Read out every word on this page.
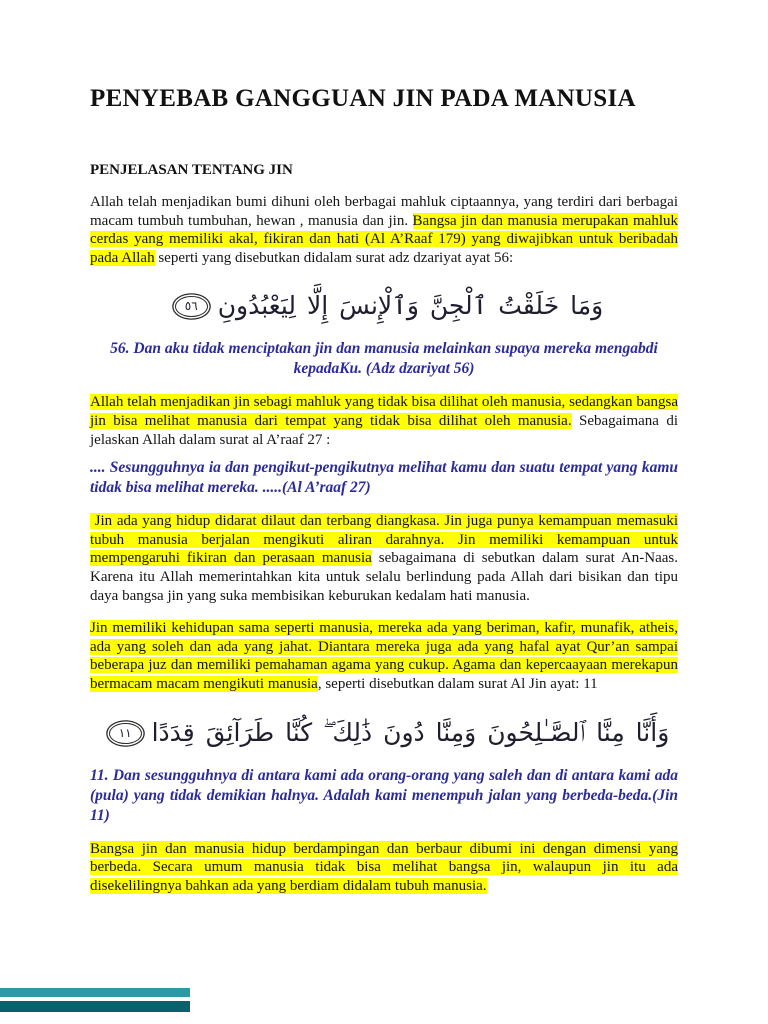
PENYEBAB GANGGUAN JIN PADA MANUSIA
PENJELASAN TENTANG JIN

Allah telah menjadikan bumi dihuni oleh berbagai mahluk ciptaannya, yang terdiri dari berbagai macam tumbuh tumbuhan, hewan , manusia dan jin. Bangsa jin dan manusia merupakan mahluk cerdas yang memiliki akal, fikiran dan hati (Al A’Raaf 179) yang diwajibkan untuk beribadah pada Allah seperti yang disebutkan didalam surat adz dzariyat ayat 56:

وَمَا خَلَقْتُ ٱلْجِنَّ وَٱلْإِنسَ إِلَّا لِيَعْبُدُونِ٥٦

56. Dan aku tidak menciptakan jin dan manusia melainkan supaya mereka mengabdi kepadaKu. (Adz dzariyat 56)

Allah telah menjadikan jin sebagi mahluk yang tidak bisa dilihat oleh manusia, sedangkan bangsa jin bisa melihat manusia dari tempat yang tidak bisa dilihat oleh manusia. Sebagaimana di jelaskan Allah dalam surat al A’raaf 27 :

.... Sesungguhnya ia dan pengikut-pengikutnya melihat kamu dan suatu tempat yang kamu tidak bisa melihat mereka. .....(Al A’raaf 27)

Jin ada yang hidup didarat dilaut dan terbang diangkasa. Jin juga punya kemampuan memasuki tubuh manusia berjalan mengikuti aliran darahnya. Jin memiliki kemampuan untuk mempengaruhi fikiran dan perasaan manusia sebagaimana di sebutkan dalam surat An-Naas. Karena itu Allah memerintahkan kita untuk selalu berlindung pada Allah dari bisikan dan tipu daya bangsa jin yang suka membisikan keburukan kedalam hati manusia.

Jin memiliki kehidupan sama seperti manusia, mereka ada yang beriman, kafir, munafik, atheis, ada yang soleh dan ada yang jahat. Diantara mereka juga ada yang hafal ayat Qur’an sampai beberapa juz dan memiliki pemahaman agama yang cukup. Agama dan kepercaayaan merekapun bermacam macam mengikuti manusia, seperti disebutkan dalam surat Al Jin ayat: 11

وَأَنَّا مِنَّا ٱلصَّـٰلِحُونَ وَمِنَّا دُونَ ذَٰلِكَ ۖ كُنَّا طَرَآئِقَ قِدَدًا١١

11. Dan sesungguhnya di antara kami ada orang-orang yang saleh dan di antara kami ada (pula) yang tidak demikian halnya. Adalah kami menempuh jalan yang berbeda-beda.(Jin 11)

Bangsa jin dan manusia hidup berdampingan dan berbaur dibumi ini dengan dimensi yang berbeda. Secara umum manusia tidak bisa melihat bangsa jin, walaupun jin itu ada disekelilingnya bahkan ada yang berdiam didalam tubuh manusia.
